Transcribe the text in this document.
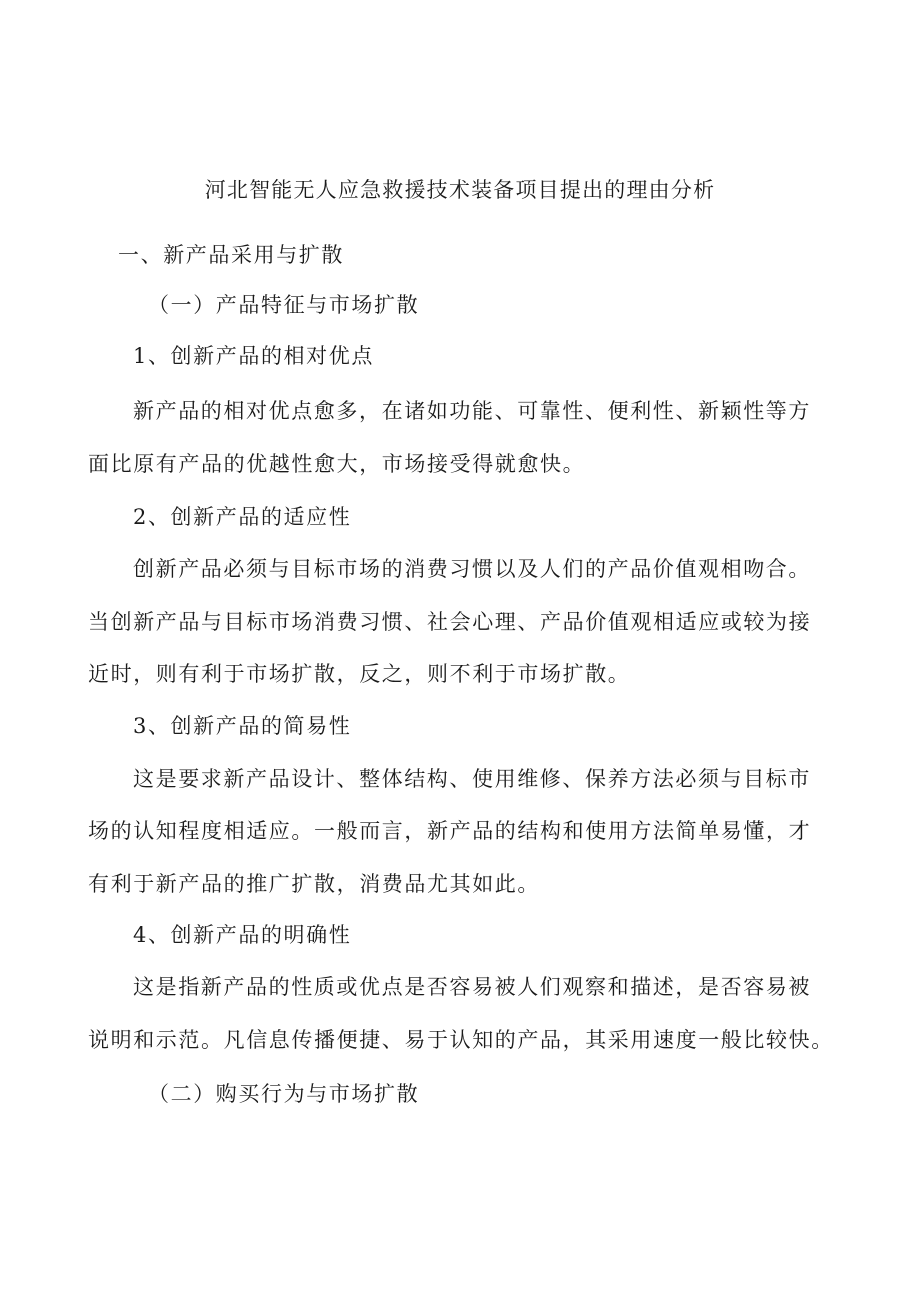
河北智能无人应急救援技术装备项目提出的理由分析
一、新产品采用与扩散
（一）产品特征与市场扩散
1、创新产品的相对优点
新产品的相对优点愈多，在诸如功能、可靠性、便利性、新颖性等方
面比原有产品的优越性愈大，市场接受得就愈快。
2、创新产品的适应性
创新产品必须与目标市场的消费习惯以及人们的产品价值观相吻合。
当创新产品与目标市场消费习惯、社会心理、产品价值观相适应或较为接
近时，则有利于市场扩散，反之，则不利于市场扩散。
3、创新产品的简易性
这是要求新产品设计、整体结构、使用维修、保养方法必须与目标市
场的认知程度相适应。一般而言，新产品的结构和使用方法简单易懂，才
有利于新产品的推广扩散，消费品尤其如此。
4、创新产品的明确性
这是指新产品的性质或优点是否容易被人们观察和描述，是否容易被
说明和示范。凡信息传播便捷、易于认知的产品，其采用速度一般比较快。
（二）购买行为与市场扩散
